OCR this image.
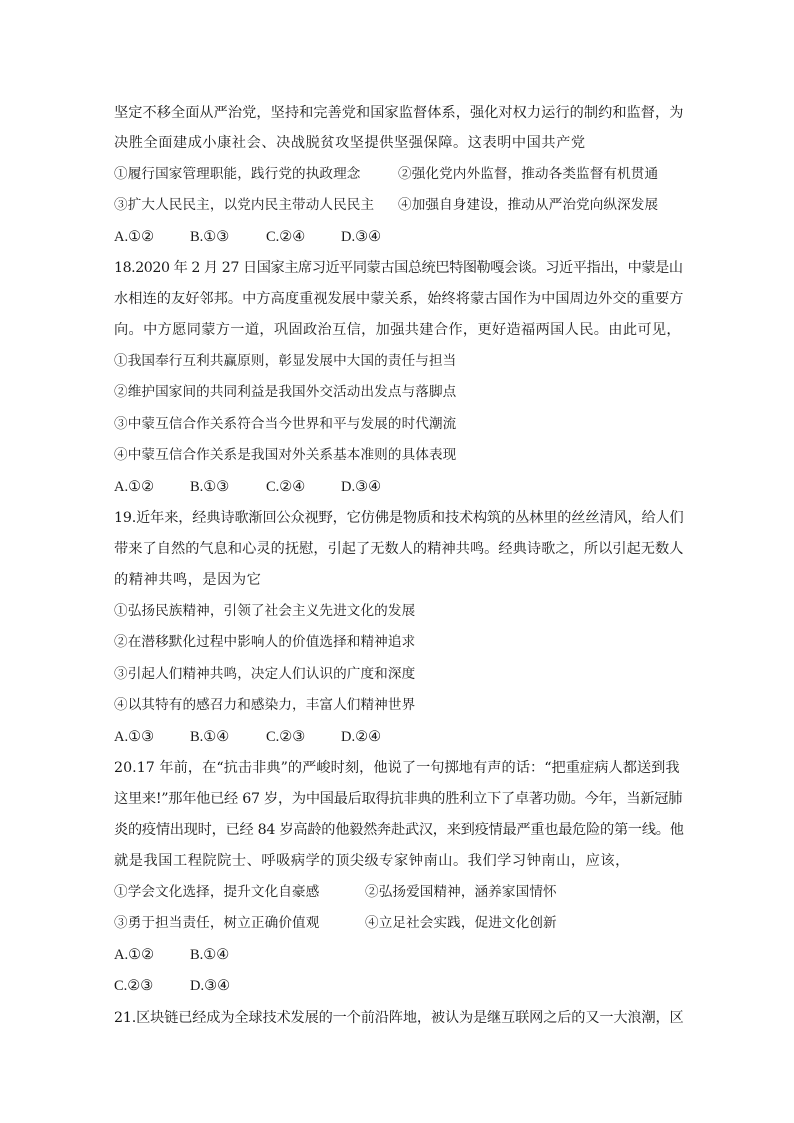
坚定不移全面从严治党，坚持和完善党和国家监督体系，强化对权力运行的制约和监督，为
决胜全面建成小康社会、决战脱贫攻坚提供坚强保障。这表明中国共产党
①履行国家管理职能，践行党的执政理念	②强化党内外监督，推动各类监督有机贯通
③扩大人民民主，以党内民主带动人民民主 ④加强自身建设，推动从严治党向纵深发展
A.①② B.①③	C.②④ D.③④
18.2020 年 2 月 27 日国家主席习近平同蒙古国总统巴特图勒嘎会谈。习近平指出，中蒙是山
水相连的友好邻邦。中方高度重视发展中蒙关系，始终将蒙古国作为中国周边外交的重要方
向。中方愿同蒙方一道，巩固政治互信，加强共建合作，更好造福两国人民。由此可见，
①我国奉行互利共赢原则，彰显发展中大国的责任与担当
②维护国家间的共同利益是我国外交活动出发点与落脚点
③中蒙互信合作关系符合当今世界和平与发展的时代潮流
④中蒙互信合作关系是我国对外关系基本准则的具体表现
A.①② B.①③	C.②④ D.③④
19.近年来，经典诗歌渐回公众视野，它仿佛是物质和技术构筑的丛林里的丝丝清风，给人们
带来了自然的气息和心灵的抚慰，引起了无数人的精神共鸣。经典诗歌之，所以引起无数人
的精神共鸣，是因为它
①弘扬民族精神，引领了社会主义先进文化的发展
②在潜移默化过程中影响人的价值选择和精神追求
③引起人们精神共鸣，决定人们认识的广度和深度
④以其特有的感召力和感染力，丰富人们精神世界
A.①③ B.①④	C.②③ D.②④
20.17 年前，在“抗击非典”的严峻时刻，他说了一句掷地有声的话：“把重症病人都送到我
这里来!”那年他已经 67 岁，为中国最后取得抗非典的胜利立下了卓著功勋。今年，当新冠肺
炎的疫情出现时，已经 84 岁高龄的他毅然奔赴武汉，来到疫情最严重也最危险的第一线。他
就是我国工程院院士、呼吸病学的顶尖级专家钟南山。我们学习钟南山，应该，
①学会文化选择，提升文化自豪感	②弘扬爱国精神，涵养家国情怀
③勇于担当责任，树立正确价值观	④立足社会实践，促进文化创新
A.①② B.①④
C.②③	D.③④
21.区块链已经成为全球技术发展的一个前沿阵地，被认为是继互联网之后的又一大浪潮，区
